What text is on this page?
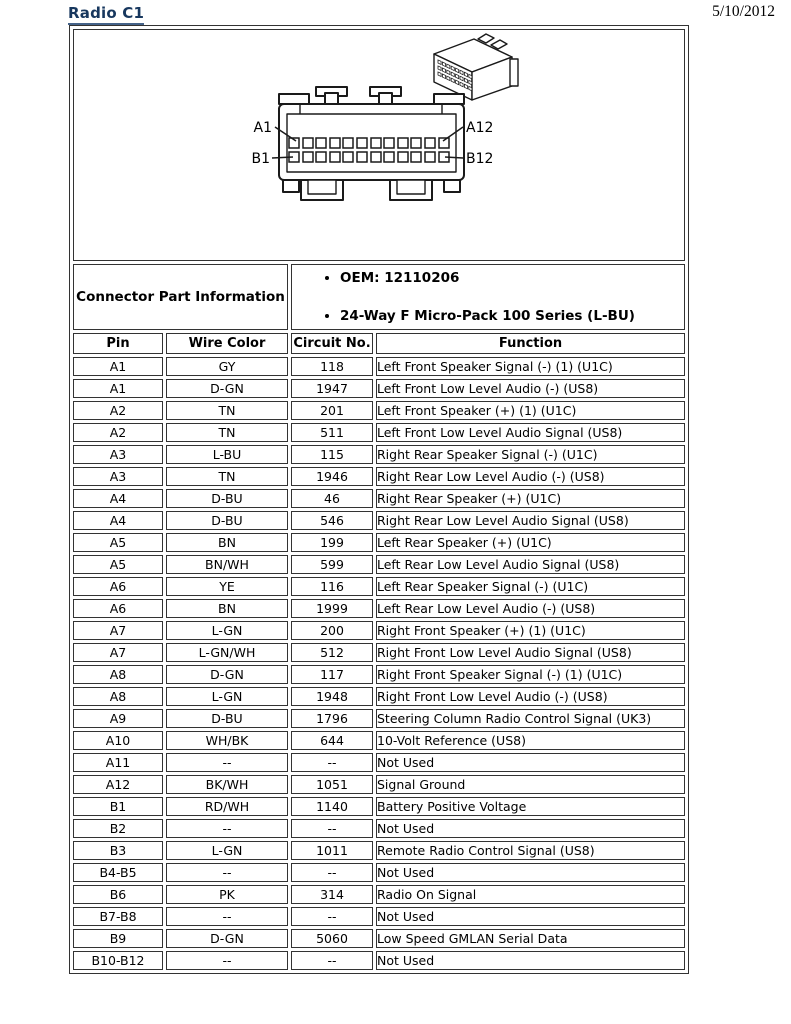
Radio C1	5/10/2012
A1
B1
A12
B12			

Connector Part Information	
• OEM: 12110206
• 24-Way F Micro-Pack 100 Series (L-BU)

Pin	Wire Color	Circuit No.	Function
A1	GY	118	Left Front Speaker Signal (-) (1) (U1C)
A1	D-GN	1947	Left Front Low Level Audio (-) (US8)
A2	TN	201	Left Front Speaker (+) (1) (U1C)
A2	TN	511	Left Front Low Level Audio Signal (US8)
A3	L-BU	115	Right Rear Speaker Signal (-) (U1C)
A3	TN	1946	Right Rear Low Level Audio (-) (US8)
A4	D-BU	46	Right Rear Speaker (+) (U1C)
A4	D-BU	546	Right Rear Low Level Audio Signal (US8)
A5	BN	199	Left Rear Speaker (+) (U1C)
A5	BN/WH	599	Left Rear Low Level Audio Signal (US8)
A6	YE	116	Left Rear Speaker Signal (-) (U1C)
A6	BN	1999	Left Rear Low Level Audio (-) (US8)
A7	L-GN	200	Right Front Speaker (+) (1) (U1C)
A7	L-GN/WH	512	Right Front Low Level Audio Signal (US8)
A8	D-GN	117	Right Front Speaker Signal (-) (1) (U1C)
A8	L-GN	1948	Right Front Low Level Audio (-) (US8)
A9	D-BU	1796	Steering Column Radio Control Signal (UK3)
A10	WH/BK	644	10-Volt Reference (US8)
A11	--	--	Not Used
A12	BK/WH	1051	Signal Ground
B1	RD/WH	1140	Battery Positive Voltage
B2	--	--	Not Used
B3	L-GN	1011	Remote Radio Control Signal (US8)
B4-B5	--	--	Not Used
B6	PK	314	Radio On Signal
B7-B8	--	--	Not Used
B9	D-GN	5060	Low Speed GMLAN Serial Data
B10-B12	--	--	Not Used
